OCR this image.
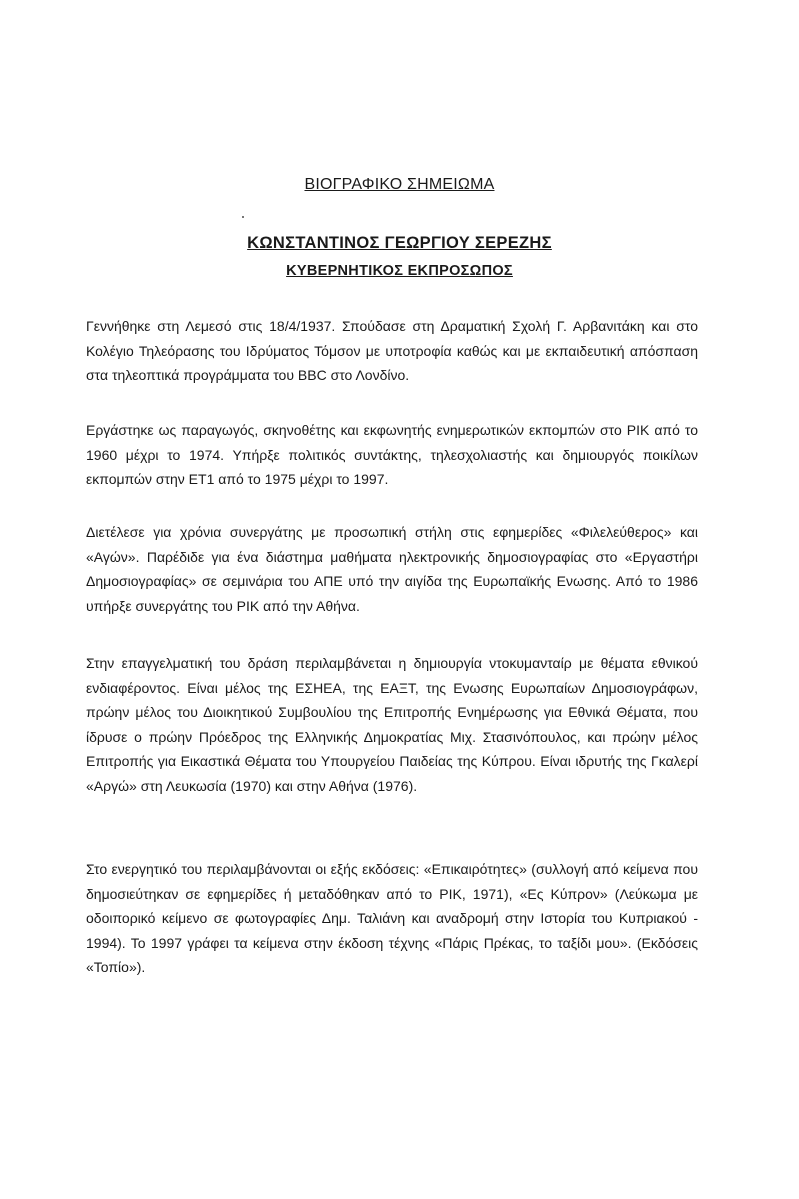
ΒΙΟΓΡΑΦΙΚΟ ΣΗΜΕΙΩΜΑ
ΚΩΝΣΤΑΝΤΙΝΟΣ ΓΕΩΡΓΙΟΥ ΣΕΡΕΖΗΣ
ΚΥΒΕΡΝΗΤΙΚΟΣ ΕΚΠΡΟΣΩΠΟΣ

Γεννήθηκε στη Λεμεσό στις 18/4/1937. Σπούδασε στη Δραματική Σχολή Γ. Αρβανιτάκη και στο Κολέγιο Τηλεόρασης του Ιδρύματος Τόμσον με υποτροφία καθώς και με εκπαιδευτική απόσπαση στα τηλεοπτικά προγράμματα του BBC στο Λονδίνο.

Εργάστηκε ως παραγωγός, σκηνοθέτης και εκφωνητής ενημερωτικών εκπομπών στο ΡΙΚ από το 1960 μέχρι το 1974. Υπήρξε πολιτικός συντάκτης, τηλεσχολιαστής και δημιουργός ποικίλων εκπομπών στην ΕΤ1 από το 1975 μέχρι το 1997.

Διετέλεσε για χρόνια συνεργάτης με προσωπική στήλη στις εφημερίδες «Φιλελεύθερος» και «Αγών». Παρέδιδε για ένα διάστημα μαθήματα ηλεκτρονικής δημοσιογραφίας στο «Εργαστήρι Δημοσιογραφίας» σε σεμινάρια του ΑΠΕ υπό την αιγίδα της Ευρωπαϊκής Ενωσης. Από το 1986 υπήρξε συνεργάτης του ΡΙΚ από την Αθήνα.

Στην επαγγελματική του δράση περιλαμβάνεται η δημιουργία ντοκυμανταίρ με θέματα εθνικού ενδιαφέροντος. Είναι μέλος της ΕΣΗΕΑ, της ΕΑΞΤ, της Ενωσης Ευρωπαίων Δημοσιογράφων, πρώην μέλος του Διοικητικού Συμβουλίου της Επιτροπής Ενημέρωσης για Εθνικά Θέματα, που ίδρυσε ο πρώην Πρόεδρος της Ελληνικής Δημοκρατίας Μιχ. Στασινόπουλος, και πρώην μέλος Επιτροπής για Εικαστικά Θέματα του Υπουργείου Παιδείας της Κύπρου. Είναι ιδρυτής της Γκαλερί «Αργώ» στη Λευκωσία (1970) και στην Αθήνα (1976).

Στο ενεργητικό του περιλαμβάνονται οι εξής εκδόσεις: «Επικαιρότητες» (συλλογή από κείμενα που δημοσιεύτηκαν σε εφημερίδες ή μεταδόθηκαν από το ΡΙΚ, 1971), «Ες Κύπρον» (Λεύκωμα με οδοιπορικό κείμενο σε φωτογραφίες Δημ. Ταλιάνη και αναδρομή στην Ιστορία του Κυπριακού - 1994). Το 1997 γράφει τα κείμενα στην έκδοση τέχνης «Πάρις Πρέκας, το ταξίδι μου». (Εκδόσεις «Τοπίο»).
